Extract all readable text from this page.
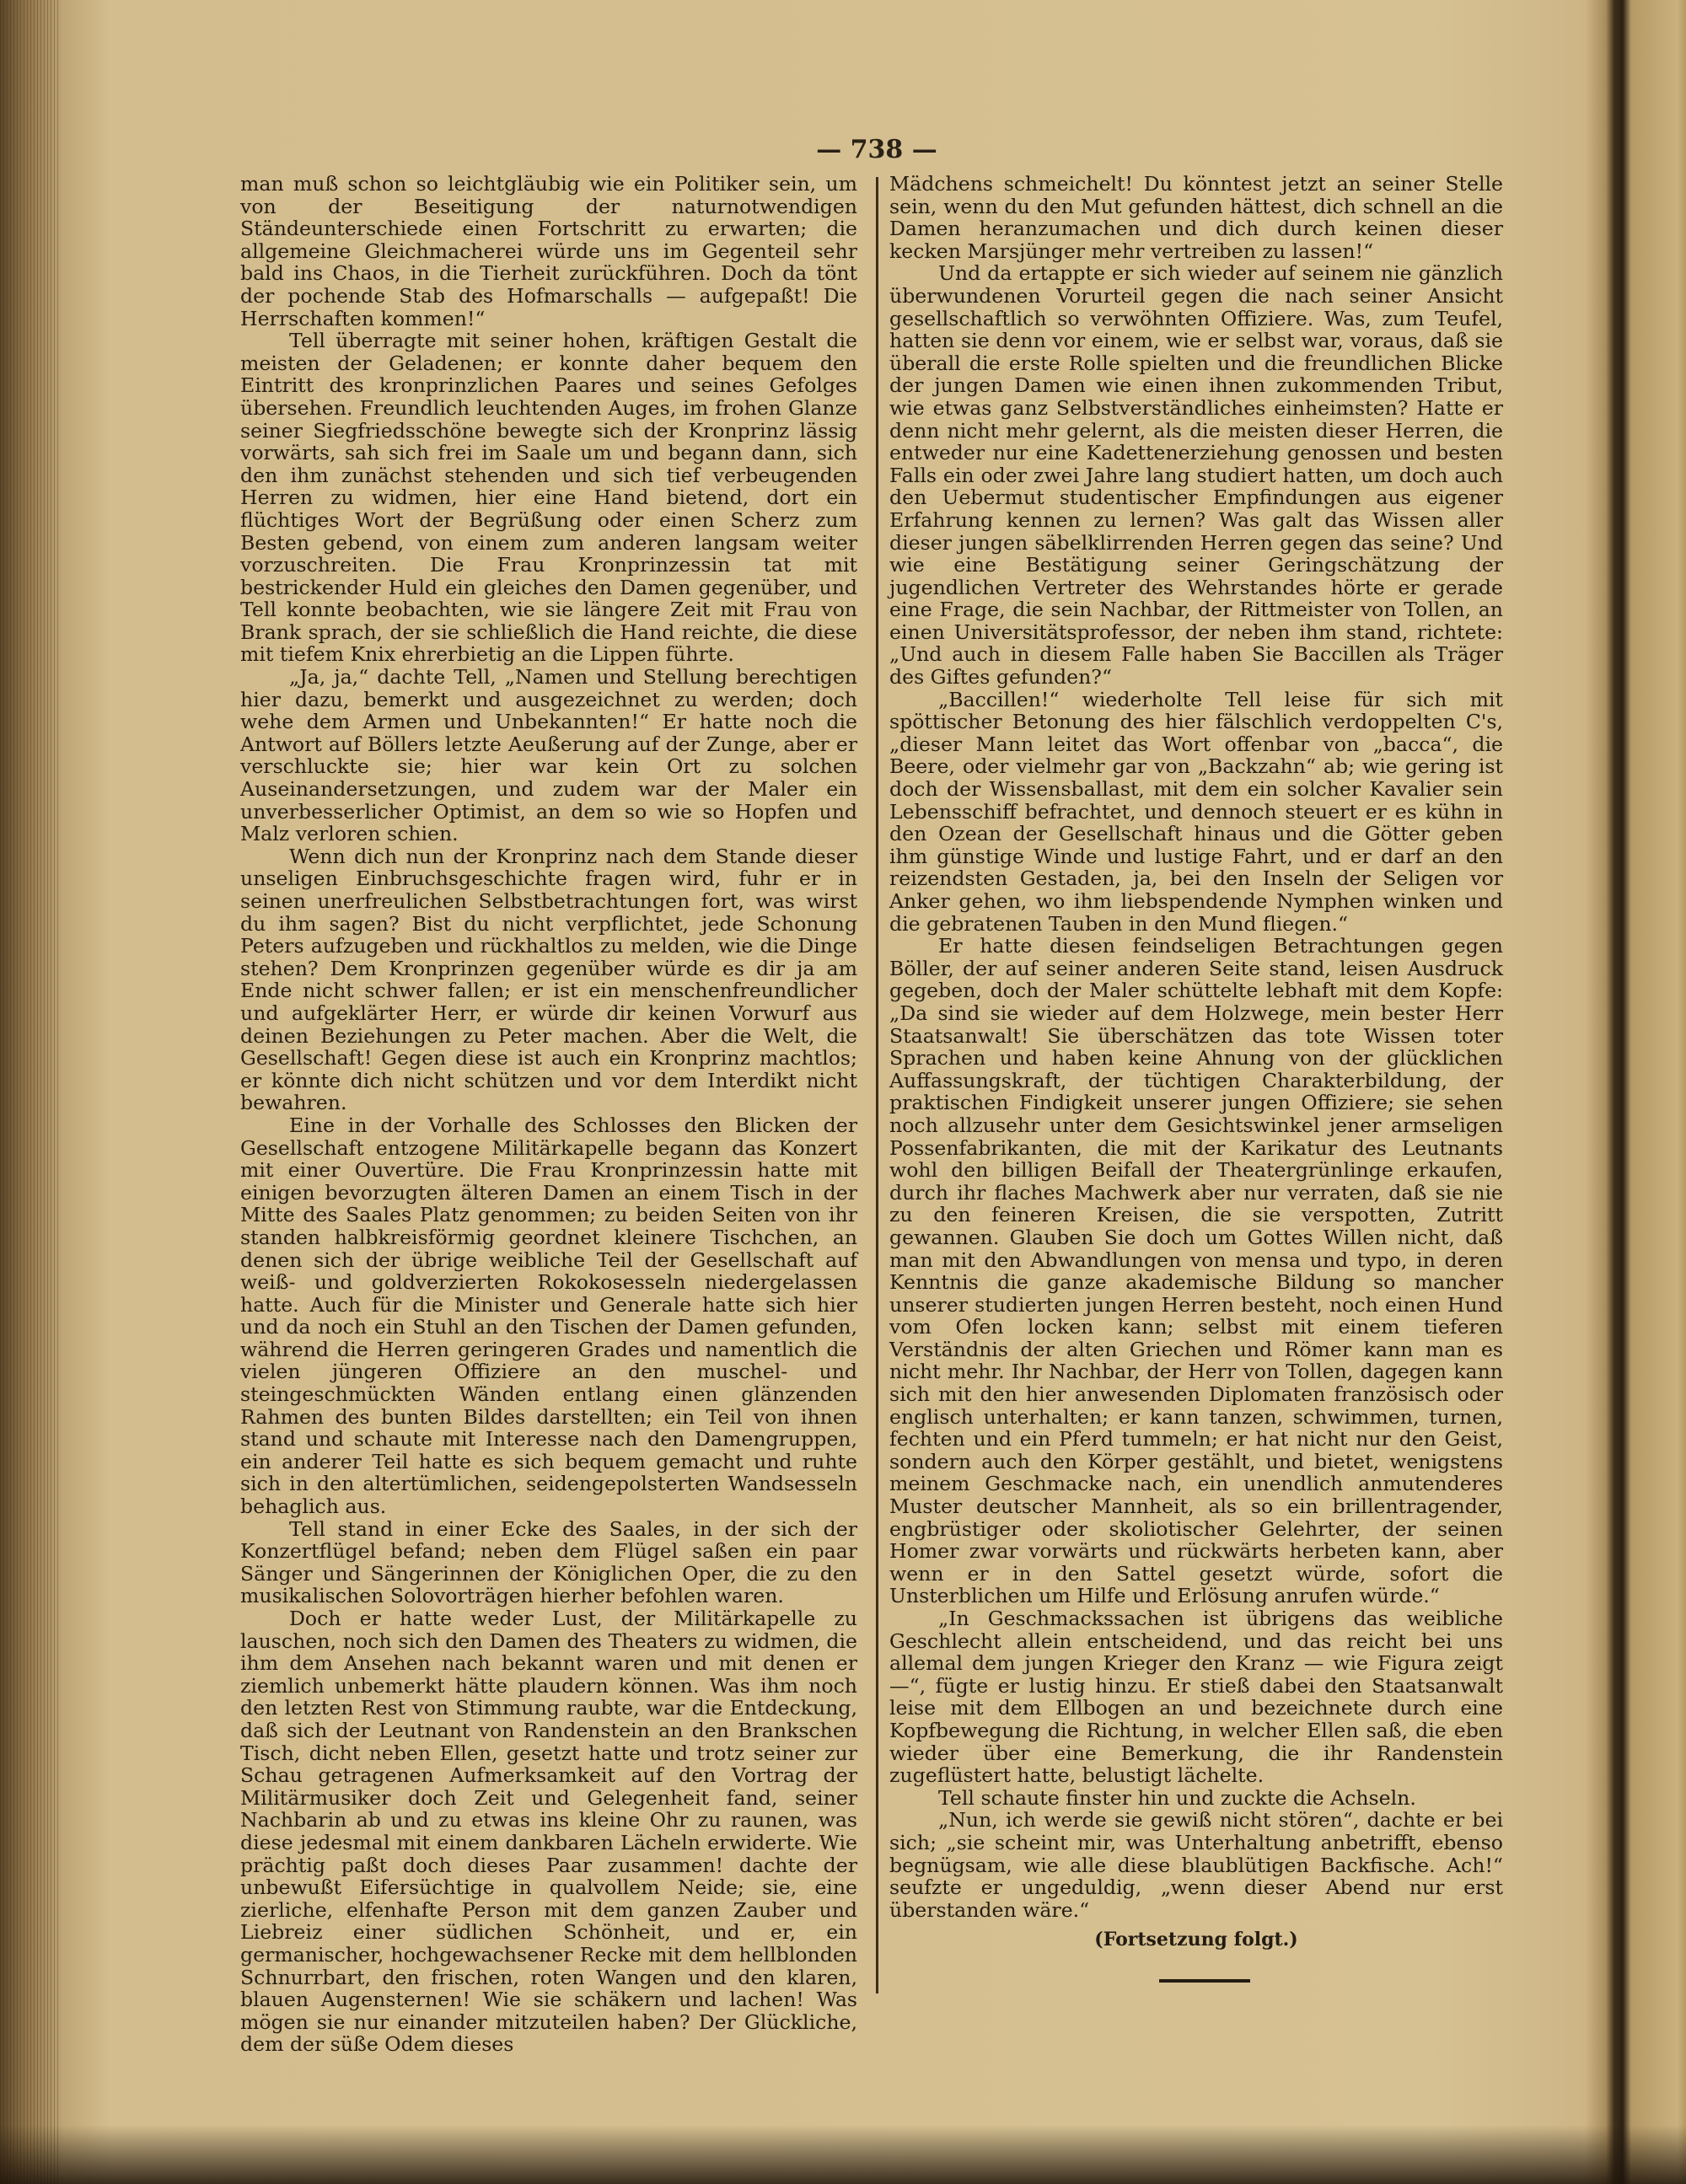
— 738 —

man muß schon so leichtgläubig wie ein Politiker sein, um von der Beseitigung der naturnotwendigen Ständeunterschiede einen Fortschritt zu erwarten; die allgemeine Gleichmacherei würde uns im Gegenteil sehr bald ins Chaos, in die Tierheit zurückführen. Doch da tönt der pochende Stab des Hofmarschalls — aufgepaßt! Die Herrschaften kommen!“

Tell überragte mit seiner hohen, kräftigen Gestalt die meisten der Geladenen; er konnte daher bequem den Eintritt des kronprinzlichen Paares und seines Gefolges übersehen. Freundlich leuchtenden Auges, im frohen Glanze seiner Siegfriedsschöne bewegte sich der Kronprinz lässig vorwärts, sah sich frei im Saale um und begann dann, sich den ihm zunächst stehenden und sich tief verbeugenden Herren zu widmen, hier eine Hand bietend, dort ein flüchtiges Wort der Begrüßung oder einen Scherz zum Besten gebend, von einem zum anderen langsam weiter vorzuschreiten. Die Frau Kronprinzessin tat mit bestrickender Huld ein gleiches den Damen gegenüber, und Tell konnte beobachten, wie sie längere Zeit mit Frau von Brank sprach, der sie schließlich die Hand reichte, die diese mit tiefem Knix ehrerbietig an die Lippen führte.

„Ja, ja,“ dachte Tell, „Namen und Stellung berechtigen hier dazu, bemerkt und ausgezeichnet zu werden; doch wehe dem Armen und Unbekannten!“ Er hatte noch die Antwort auf Böllers letzte Aeußerung auf der Zunge, aber er verschluckte sie; hier war kein Ort zu solchen Auseinandersetzungen, und zudem war der Maler ein unverbesserlicher Optimist, an dem so wie so Hopfen und Malz verloren schien.

Wenn dich nun der Kronprinz nach dem Stande dieser unseligen Einbruchsgeschichte fragen wird, fuhr er in seinen unerfreulichen Selbstbetrachtungen fort, was wirst du ihm sagen? Bist du nicht verpflichtet, jede Schonung Peters aufzugeben und rückhaltlos zu melden, wie die Dinge stehen? Dem Kronprinzen gegenüber würde es dir ja am Ende nicht schwer fallen; er ist ein menschenfreundlicher und aufgeklärter Herr, er würde dir keinen Vorwurf aus deinen Beziehungen zu Peter machen. Aber die Welt, die Gesellschaft! Gegen diese ist auch ein Kronprinz machtlos; er könnte dich nicht schützen und vor dem Interdikt nicht bewahren.

Eine in der Vorhalle des Schlosses den Blicken der Gesellschaft entzogene Militärkapelle begann das Konzert mit einer Ouvertüre. Die Frau Kronprinzessin hatte mit einigen bevorzugten älteren Damen an einem Tisch in der Mitte des Saales Platz genommen; zu beiden Seiten von ihr standen halbkreisförmig geordnet kleinere Tischchen, an denen sich der übrige weibliche Teil der Gesellschaft auf weiß- und goldverzierten Rokokosesseln niedergelassen hatte. Auch für die Minister und Generale hatte sich hier und da noch ein Stuhl an den Tischen der Damen gefunden, während die Herren geringeren Grades und namentlich die vielen jüngeren Offiziere an den muschel- und steingeschmückten Wänden entlang einen glänzenden Rahmen des bunten Bildes darstellten; ein Teil von ihnen stand und schaute mit Interesse nach den Damengruppen, ein anderer Teil hatte es sich bequem gemacht und ruhte sich in den altertümlichen, seidengepolsterten Wandsesseln behaglich aus.

Tell stand in einer Ecke des Saales, in der sich der Konzertflügel befand; neben dem Flügel saßen ein paar Sänger und Sängerinnen der Königlichen Oper, die zu den musikalischen Solovorträgen hierher befohlen waren.

Doch er hatte weder Lust, der Militärkapelle zu lauschen, noch sich den Damen des Theaters zu widmen, die ihm dem Ansehen nach bekannt waren und mit denen er ziemlich unbemerkt hätte plaudern können. Was ihm noch den letzten Rest von Stimmung raubte, war die Entdeckung, daß sich der Leutnant von Randenstein an den Brankschen Tisch, dicht neben Ellen, gesetzt hatte und trotz seiner zur Schau getragenen Aufmerksamkeit auf den Vortrag der Militärmusiker doch Zeit und Gelegenheit fand, seiner Nachbarin ab und zu etwas ins kleine Ohr zu raunen, was diese jedesmal mit einem dankbaren Lächeln erwiderte. Wie prächtig paßt doch dieses Paar zusammen! dachte der unbewußt Eifersüchtige in qualvollem Neide; sie, eine zierliche, elfenhafte Person mit dem ganzen Zauber und Liebreiz einer südlichen Schönheit, und er, ein germanischer, hochgewachsener Recke mit dem hellblonden Schnurrbart, den frischen, roten Wangen und den klaren, blauen Augensternen! Wie sie schäkern und lachen! Was mögen sie nur einander mitzuteilen haben? Der Glückliche, dem der süße Odem dieses

Mädchens schmeichelt! Du könntest jetzt an seiner Stelle sein, wenn du den Mut gefunden hättest, dich schnell an die Damen heranzumachen und dich durch keinen dieser kecken Marsjünger mehr vertreiben zu lassen!“

Und da ertappte er sich wieder auf seinem nie gänzlich überwundenen Vorurteil gegen die nach seiner Ansicht gesellschaftlich so verwöhnten Offiziere. Was, zum Teufel, hatten sie denn vor einem, wie er selbst war, voraus, daß sie überall die erste Rolle spielten und die freundlichen Blicke der jungen Damen wie einen ihnen zukommenden Tribut, wie etwas ganz Selbstverständliches einheimsten? Hatte er denn nicht mehr gelernt, als die meisten dieser Herren, die entweder nur eine Kadettenerziehung genossen und besten Falls ein oder zwei Jahre lang studiert hatten, um doch auch den Uebermut studentischer Empfindungen aus eigener Erfahrung kennen zu lernen? Was galt das Wissen aller dieser jungen säbelklirrenden Herren gegen das seine? Und wie eine Bestätigung seiner Geringschätzung der jugendlichen Vertreter des Wehrstandes hörte er gerade eine Frage, die sein Nachbar, der Rittmeister von Tollen, an einen Universitätsprofessor, der neben ihm stand, richtete: „Und auch in diesem Falle haben Sie Baccillen als Träger des Giftes gefunden?“

„Baccillen!“ wiederholte Tell leise für sich mit spöttischer Betonung des hier fälschlich verdoppelten C's, „dieser Mann leitet das Wort offenbar von „bacca“, die Beere, oder vielmehr gar von „Backzahn“ ab; wie gering ist doch der Wissensballast, mit dem ein solcher Kavalier sein Lebensschiff befrachtet, und dennoch steuert er es kühn in den Ozean der Gesellschaft hinaus und die Götter geben ihm günstige Winde und lustige Fahrt, und er darf an den reizendsten Gestaden, ja, bei den Inseln der Seligen vor Anker gehen, wo ihm liebspendende Nymphen winken und die gebratenen Tauben in den Mund fliegen.“

Er hatte diesen feindseligen Betrachtungen gegen Böller, der auf seiner anderen Seite stand, leisen Ausdruck gegeben, doch der Maler schüttelte lebhaft mit dem Kopfe: „Da sind sie wieder auf dem Holzwege, mein bester Herr Staatsanwalt! Sie überschätzen das tote Wissen toter Sprachen und haben keine Ahnung von der glücklichen Auffassungskraft, der tüchtigen Charakterbildung, der praktischen Findigkeit unserer jungen Offiziere; sie sehen noch allzusehr unter dem Gesichtswinkel jener armseligen Possenfabrikanten, die mit der Karikatur des Leutnants wohl den billigen Beifall der Theatergrünlinge erkaufen, durch ihr flaches Machwerk aber nur verraten, daß sie nie zu den feineren Kreisen, die sie verspotten, Zutritt gewannen. Glauben Sie doch um Gottes Willen nicht, daß man mit den Abwandlungen von mensa und typo, in deren Kenntnis die ganze akademische Bildung so mancher unserer studierten jungen Herren besteht, noch einen Hund vom Ofen locken kann; selbst mit einem tieferen Verständnis der alten Griechen und Römer kann man es nicht mehr. Ihr Nachbar, der Herr von Tollen, dagegen kann sich mit den hier anwesenden Diplomaten französisch oder englisch unterhalten; er kann tanzen, schwimmen, turnen, fechten und ein Pferd tummeln; er hat nicht nur den Geist, sondern auch den Körper gestählt, und bietet, wenigstens meinem Geschmacke nach, ein unendlich anmutenderes Muster deutscher Mannheit, als so ein brillentragender, engbrüstiger oder skoliotischer Gelehrter, der seinen Homer zwar vorwärts und rückwärts herbeten kann, aber wenn er in den Sattel gesetzt würde, sofort die Unsterblichen um Hilfe und Erlösung anrufen würde.“

„In Geschmackssachen ist übrigens das weibliche Geschlecht allein entscheidend, und das reicht bei uns allemal dem jungen Krieger den Kranz — wie Figura zeigt —“, fügte er lustig hinzu. Er stieß dabei den Staatsanwalt leise mit dem Ellbogen an und bezeichnete durch eine Kopfbewegung die Richtung, in welcher Ellen saß, die eben wieder über eine Bemerkung, die ihr Randenstein zugeflüstert hatte, belustigt lächelte.

Tell schaute finster hin und zuckte die Achseln.

„Nun, ich werde sie gewiß nicht stören“, dachte er bei sich; „sie scheint mir, was Unterhaltung anbetrifft, ebenso begnügsam, wie alle diese blaublütigen Backfische. Ach!“ seufzte er ungeduldig, „wenn dieser Abend nur erst überstanden wäre.“

(Fortsetzung folgt.)
